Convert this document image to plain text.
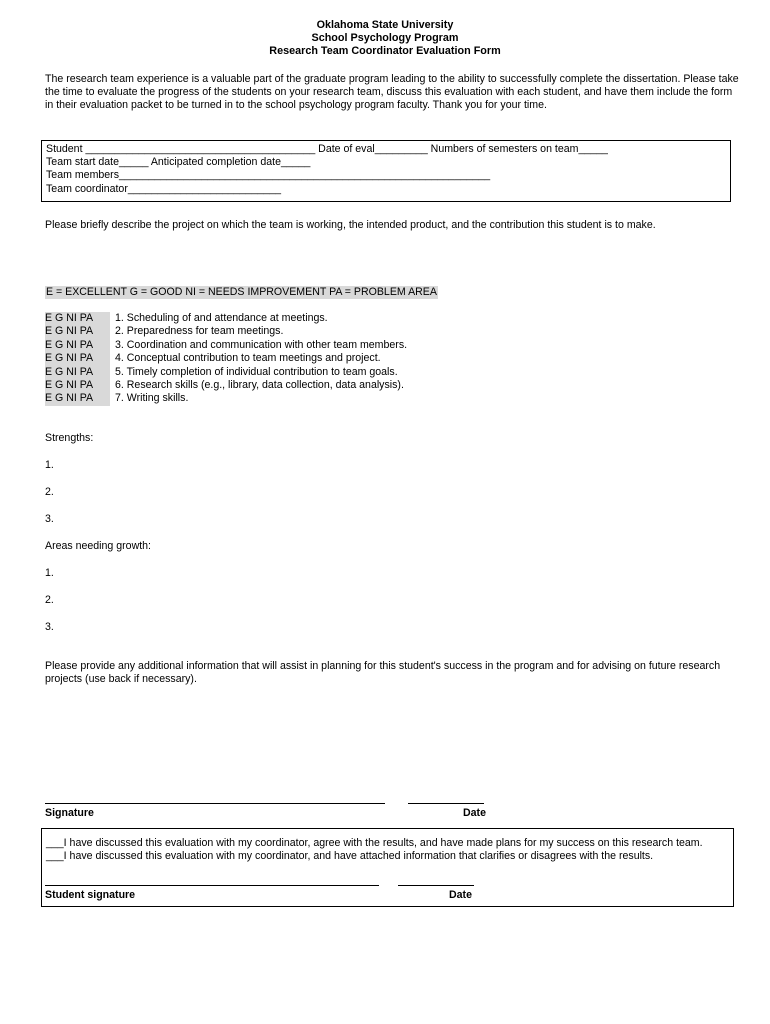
Oklahoma State University
School Psychology Program
Research Team Coordinator Evaluation Form
The research team experience is a valuable part of the graduate program leading to the ability to successfully complete the dissertation. Please take the time to evaluate the progress of the students on your research team, discuss this evaluation with each student, and have them include the form in their evaluation packet to be turned in to the school psychology program faculty. Thank you for your time.
Student _______________________________________ Date of eval_________ Numbers of semesters on team_____
Team start date_____ Anticipated completion date_____
Team members_______________________________________________________________
Team coordinator__________________________
Please briefly describe the project on which the team is working, the intended product, and the contribution this student is to make.
E = EXCELLENT G = GOOD NI = NEEDS IMPROVEMENT PA = PROBLEM AREA
E G NI PA	1. Scheduling of and attendance at meetings.
E G NI PA	2. Preparedness for team meetings.
E G NI PA	3. Coordination and communication with other team members.
E G NI PA	4. Conceptual contribution to team meetings and project.
E G NI PA	5. Timely completion of individual contribution to team goals.
E G NI PA	6. Research skills (e.g., library, data collection, data analysis).
E G NI PA	7. Writing skills.
Strengths:
1.
2.
3.
Areas needing growth:
1.
2.
3.
Please provide any additional information that will assist in planning for this student's success in the program and for advising on future research projects (use back if necessary).
Signature	Date

___I have discussed this evaluation with my coordinator, agree with the results, and have made plans for my success on this research team.

___I have discussed this evaluation with my coordinator, and have attached information that clarifies or disagrees with the results.

Student signature	Date
